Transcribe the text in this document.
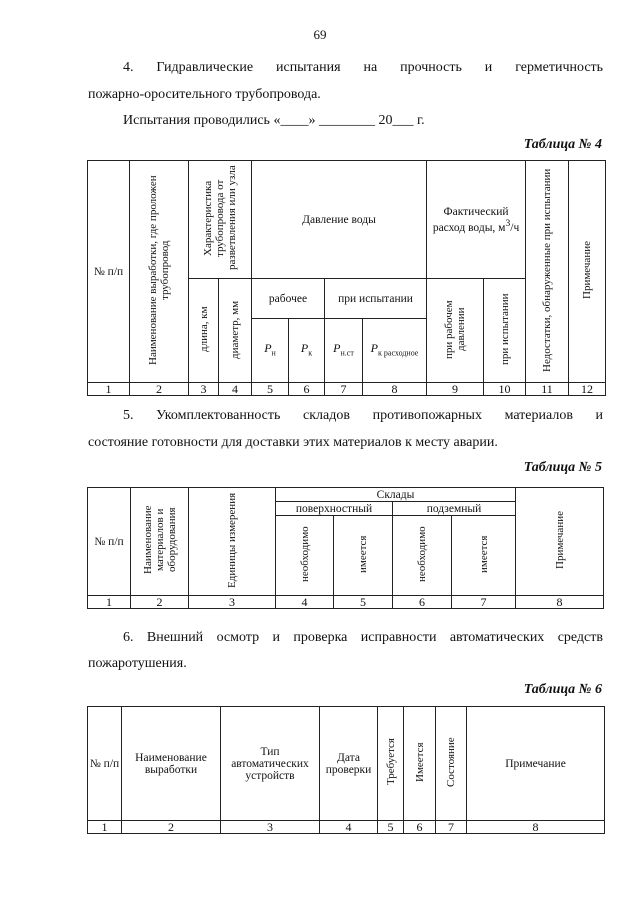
69
4. Гидравлические испытания на прочность и герметичность
пожарно-оросительного трубопровода.
Испытания проводились «____» ________ 20___ г.
Таблица № 4
№ п/п	Наименование выработки, где проложен трубопровод	Характеристика трубопровода от разветвления или узла		Давление воды				Фактический расход воды, $м^3/ч$		Недостатки, обнаруженные при испытании	Примечание
		длина, км	диаметр, мм	рабочее		при испытании		при рабочем давлении	при испытании		
				$P_н$	$P_к$	$P_{н.ст}$	$P_{к расходное}$
1	2	3	4	5	6	7	8	9	10	11	12
5. Укомплектованность складов противопожарных материалов и
состояние готовности для доставки этих материалов к месту аварии.
Таблица № 5
№ п/п	Наименование материалов и оборудования	Единицы измерения	Склады				Примечание
			поверхностный		подземный		
			необходимо	имеется	необходимо	имеется	
1	2	3	4	5	6	7	8
6. Внешний осмотр и проверка исправности автоматических средств
пожаротушения.
Таблица № 6
№ п/п	Наименование выработки	Тип автоматических устройств	Дата проверки	Требуется	Имеется	Состояние	Примечание
1	2	3	4	5	6	7	8
